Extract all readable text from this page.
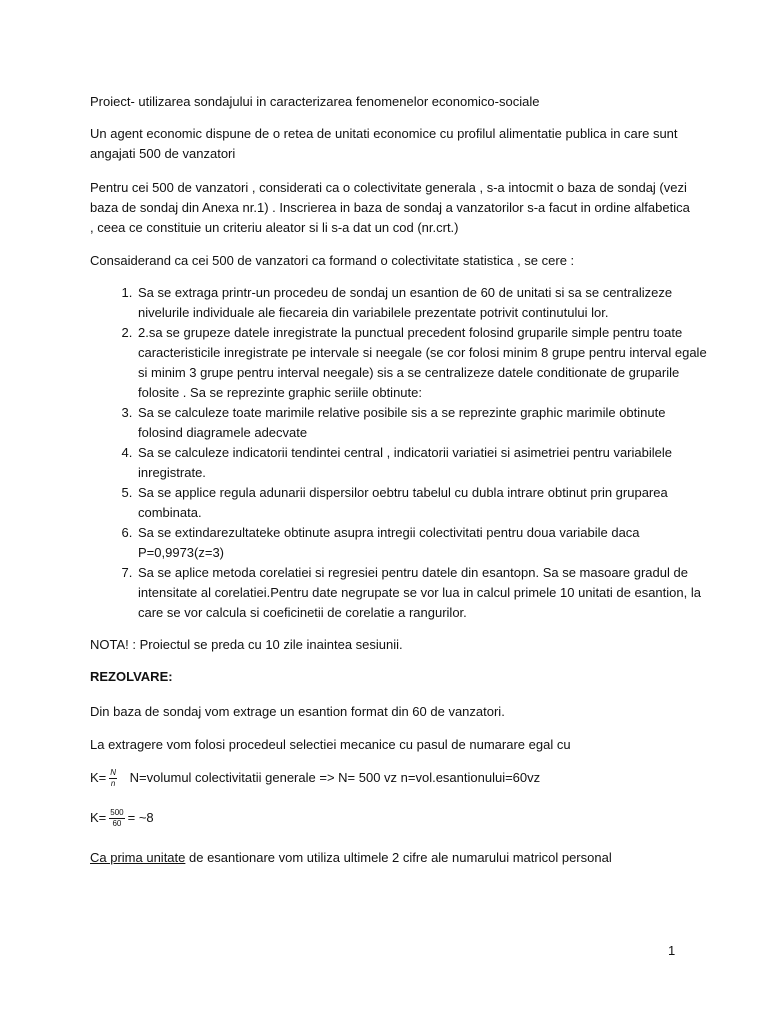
Proiect- utilizarea sondajului in caracterizarea fenomenelor economico-sociale

Un agent economic dispune de o retea de unitati economice cu profilul alimentatie publica in care sunt angajati 500 de vanzatori

Pentru cei 500 de vanzatori , considerati ca o colectivitate generala , s-a intocmit o baza de sondaj (vezi baza de sondaj din Anexa nr.1) . Inscrierea in baza de sondaj a vanzatorilor s-a facut in ordine alfabetica , ceea ce constituie un criteriu aleator si li s-a dat un cod (nr.crt.)

Consaiderand ca cei 500 de vanzatori ca formand o colectivitate statistica , se cere :

1. Sa se extraga printr-un procedeu de sondaj un esantion de 60 de unitati si sa se centralizeze nivelurile individuale ale fiecareia din variabilele prezentate potrivit continutului lor.
2. 2.sa se grupeze datele inregistrate la punctual precedent folosind gruparile simple pentru toate caracteristicile inregistrate pe intervale si neegale (se cor folosi minim 8 grupe pentru interval egale si minim 3 grupe pentru interval neegale) sis a se centralizeze datele conditionate de gruparile folosite . Sa se reprezinte graphic seriile obtinute:
3. Sa se calculeze toate marimile relative posibile sis a se reprezinte graphic marimile obtinute folosind diagramele adecvate
4. Sa se calculeze indicatorii tendintei central , indicatorii variatiei si asimetriei pentru variabilele inregistrate.
5. Sa se applice regula adunarii dispersilor oebtru tabelul cu dubla intrare obtinut prin gruparea combinata.
6. Sa se extindarezultateke obtinute asupra intregii colectivitati pentru doua variabile daca P=0,9973(z=3)
7. Sa se aplice metoda corelatiei si regresiei pentru datele din esantopn. Sa se masoare gradul de intensitate al corelatiei.Pentru date negrupate se vor lua in calcul primele 10 unitati de esantion, la care se vor calcula si coeficinetii de corelatie a rangurilor.

NOTA! : Proiectul se preda cu 10 zile inaintea sesiunii.

REZOLVARE:

Din baza de sondaj vom extrage un esantion format din 60 de vanzatori.

La extragere vom folosi procedeul selectiei mecanice cu pasul de numarare egal cu

$K= \frac{N}{n}$ N=volumul colectivitatii generale => N= 500 vz n=vol.esantionului=60vz

$K= \frac{500}{60}$ = ~8

Ca prima unitate de esantionare vom utiliza ultimele 2 cifre ale numarului matricol personal

1
